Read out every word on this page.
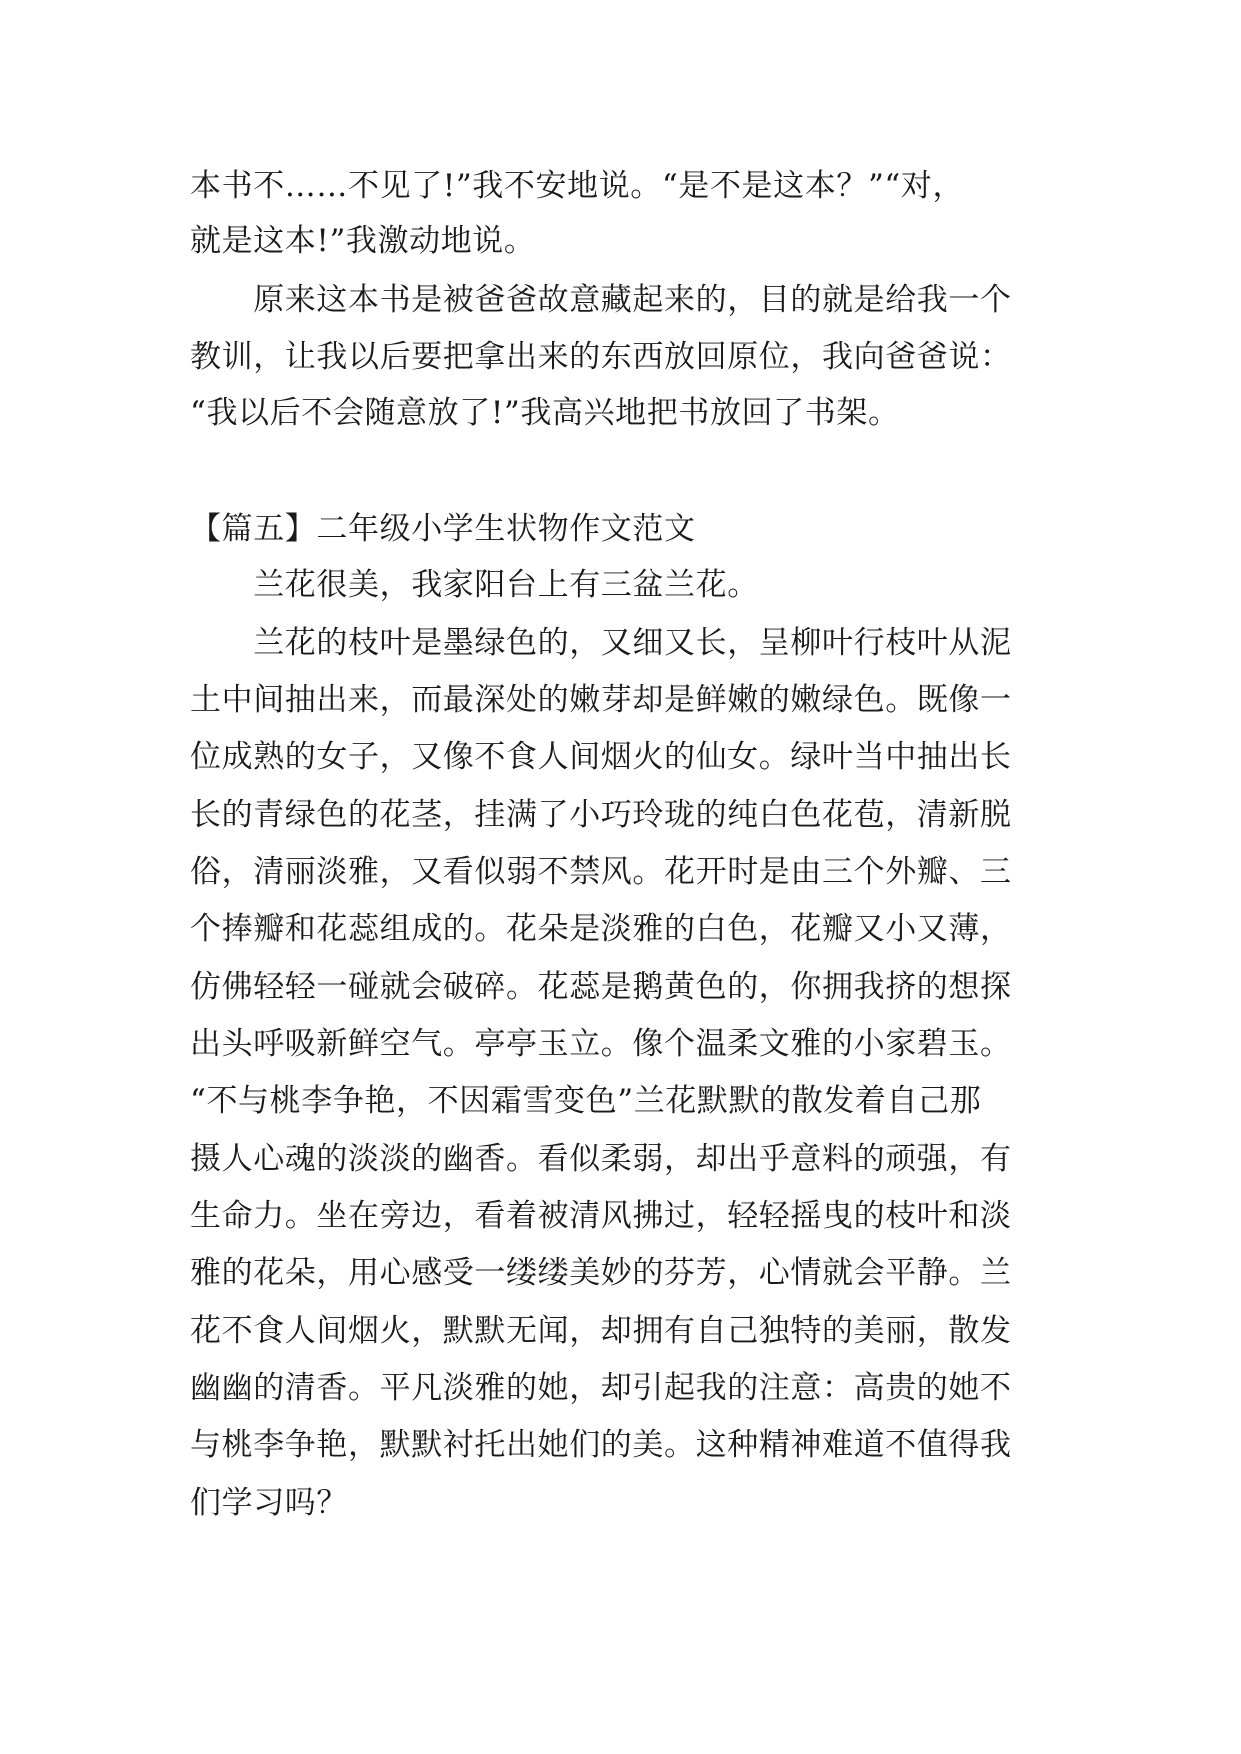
本书不……不见了!”我不安地说。“是不是这本？”“对，
就是这本!”我激动地说。
　　原来这本书是被爸爸故意藏起来的，目的就是给我一个
教训，让我以后要把拿出来的东西放回原位，我向爸爸说：
“我以后不会随意放了!”我高兴地把书放回了书架。
【篇五】二年级小学生状物作文范文
　　兰花很美，我家阳台上有三盆兰花。
　　兰花的枝叶是墨绿色的，又细又长，呈柳叶行枝叶从泥
土中间抽出来，而最深处的嫩芽却是鲜嫩的嫩绿色。既像一
位成熟的女子，又像不食人间烟火的仙女。绿叶当中抽出长
长的青绿色的花茎，挂满了小巧玲珑的纯白色花苞，清新脱
俗，清丽淡雅，又看似弱不禁风。花开时是由三个外瓣、三
个捧瓣和花蕊组成的。花朵是淡雅的白色，花瓣又小又薄，
仿佛轻轻一碰就会破碎。花蕊是鹅黄色的，你拥我挤的想探
出头呼吸新鲜空气。亭亭玉立。像个温柔文雅的小家碧玉。
“不与桃李争艳，不因霜雪变色”兰花默默的散发着自己那
摄人心魂的淡淡的幽香。看似柔弱，却出乎意料的顽强，有
生命力。坐在旁边，看着被清风拂过，轻轻摇曳的枝叶和淡
雅的花朵，用心感受一缕缕美妙的芬芳，心情就会平静。兰
花不食人间烟火，默默无闻，却拥有自己独特的美丽，散发
幽幽的清香。平凡淡雅的她，却引起我的注意：高贵的她不
与桃李争艳，默默衬托出她们的美。这种精神难道不值得我
们学习吗？
